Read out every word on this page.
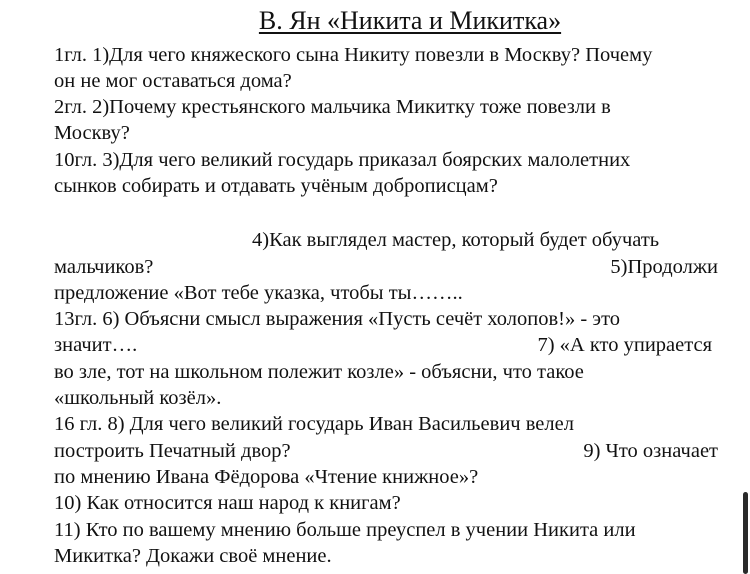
В. Ян «Никита и Микитка»
1гл. 1)Для чего княжеского сына Никиту повезли в Москву? Почему
он не мог оставаться дома?
2гл. 2)Почему крестьянского мальчика Микитку тоже повезли в
Москву?
10гл. 3)Для чего великий государь приказал боярских малолетних
сынков собирать и отдавать учёным доброписцам?
4)Как выглядел мастер, который будет обучать
мальчиков?	5)Продолжи
предложение «Вот тебе указка, чтобы ты……..
13гл. 6) Объясни смысл выражения «Пусть сечёт холопов!» - это
значит….	7) «А кто упирается
во зле, тот на школьном полежит козле» - объясни, что такое
«школьный козёл».
16 гл. 8) Для чего великий государь Иван Васильевич велел
построить Печатный двор?	9) Что означает
по мнению Ивана Фёдорова «Чтение книжное»?
10) Как относится наш народ к книгам?
11) Кто по вашему мнению больше преуспел в учении Никита или
Микитка? Докажи своё мнение.
